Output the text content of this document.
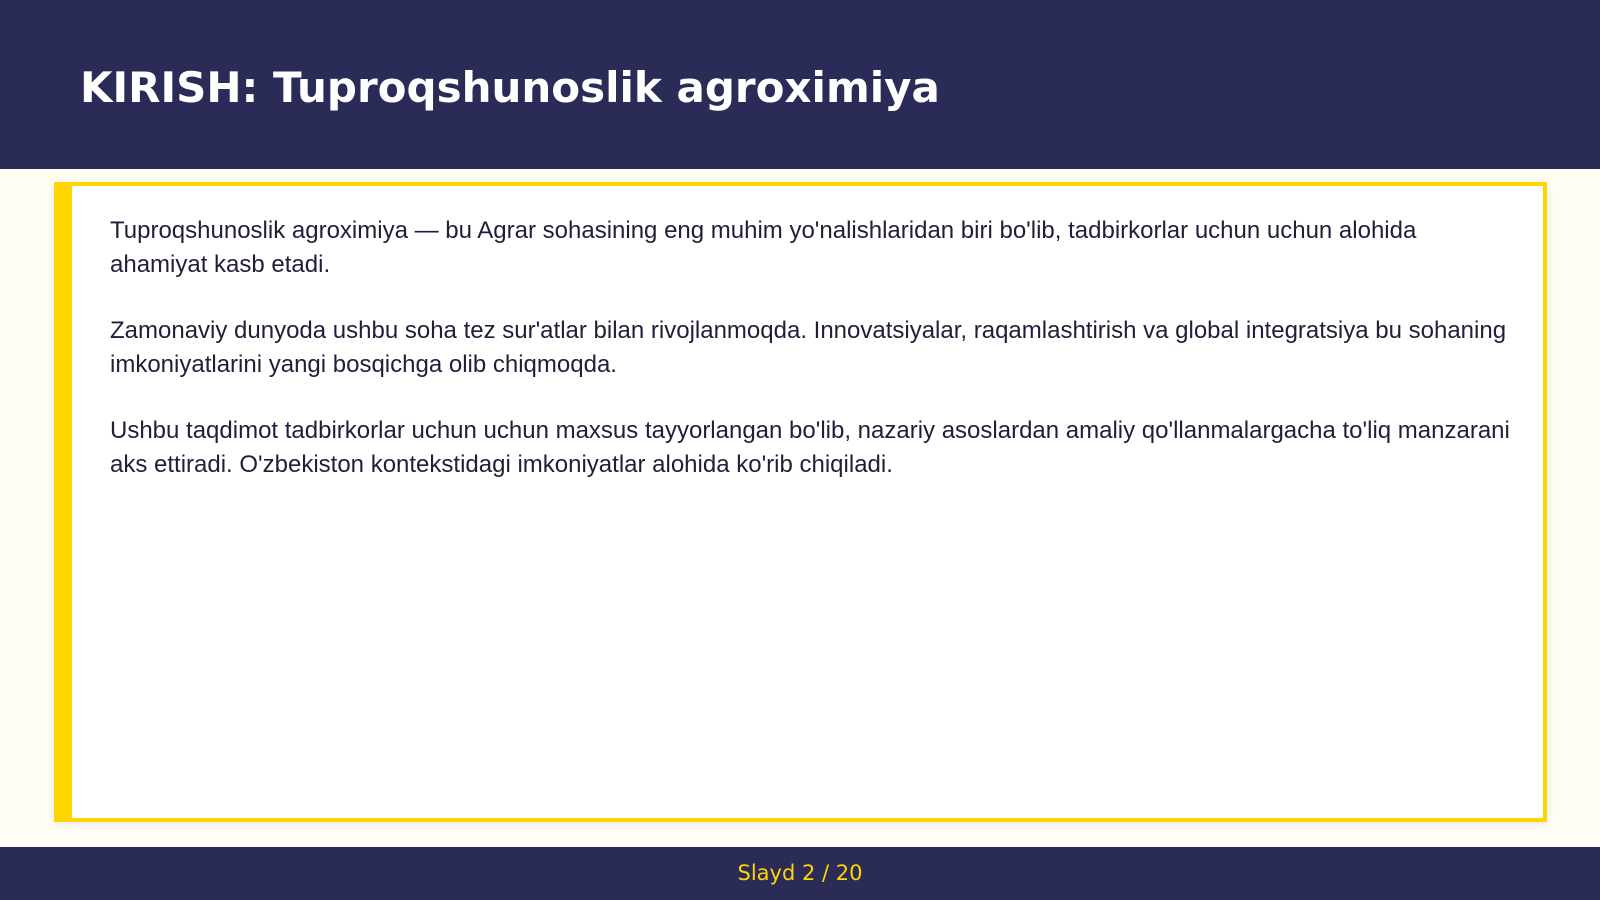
KIRISH: Tuproqshunoslik agroximiya

Tuproqshunoslik agroximiya — bu Agrar sohasining eng muhim yo'nalishlaridan biri bo'lib, tadbirkorlar uchun uchun alohida ahamiyat kasb etadi.

Zamonaviy dunyoda ushbu soha tez sur'atlar bilan rivojlanmoqda. Innovatsiyalar, raqamlashtirish va global integratsiya bu sohaning imkoniyatlarini yangi bosqichga olib chiqmoqda.

Ushbu taqdimot tadbirkorlar uchun uchun maxsus tayyorlangan bo'lib, nazariy asoslardan amaliy qo'llanmalargacha to'liq manzarani aks ettiradi. O'zbekiston kontekstidagi imkoniyatlar alohida ko'rib chiqiladi.

Slayd 2 / 20
